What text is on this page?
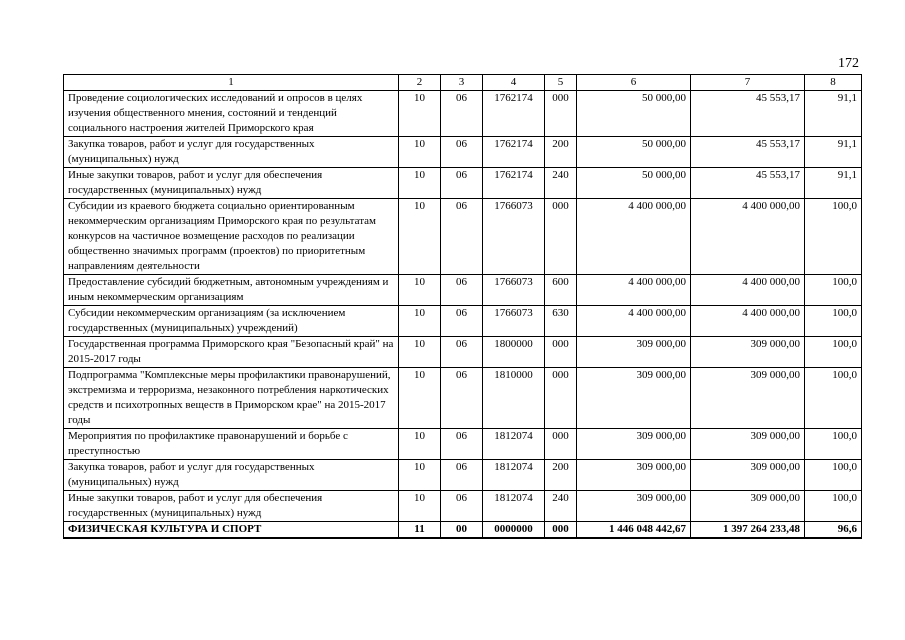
172
1	2	3	4	5	6	7	8
Проведение социологических исследований и опросов в целях изучения общественного мнения, состояний и тенденций социального настроения жителей Приморского края	10	06	1762174	000	50 000,00	45 553,17	91,1
Закупка товаров, работ и услуг для государственных (муниципальных) нужд	10	06	1762174	200	50 000,00	45 553,17	91,1
Иные закупки товаров, работ и услуг для обеспечения государственных (муниципальных) нужд	10	06	1762174	240	50 000,00	45 553,17	91,1
Субсидии из краевого бюджета социально ориентированным некоммерческим организациям Приморского края по результатам конкурсов на частичное возмещение расходов по реализации общественно значимых программ (проектов) по приоритетным направлениям деятельности	10	06	1766073	000	4 400 000,00	4 400 000,00	100,0
Предоставление субсидий бюджетным, автономным учреждениям и иным некоммерческим организациям	10	06	1766073	600	4 400 000,00	4 400 000,00	100,0
Субсидии некоммерческим организациям (за исключением государственных (муниципальных) учреждений)	10	06	1766073	630	4 400 000,00	4 400 000,00	100,0
Государственная программа Приморского края "Безопасный край" на 2015-2017 годы	10	06	1800000	000	309 000,00	309 000,00	100,0
Подпрограмма "Комплексные меры профилактики правонарушений, экстремизма и терроризма, незаконного потребления наркотических средств и психотропных веществ в Приморском крае" на 2015-2017 годы	10	06	1810000	000	309 000,00	309 000,00	100,0
Мероприятия по профилактике правонарушений и борьбе с преступностью	10	06	1812074	000	309 000,00	309 000,00	100,0
Закупка товаров, работ и услуг для государственных (муниципальных) нужд	10	06	1812074	200	309 000,00	309 000,00	100,0
Иные закупки товаров, работ и услуг для обеспечения государственных (муниципальных) нужд	10	06	1812074	240	309 000,00	309 000,00	100,0
ФИЗИЧЕСКАЯ КУЛЬТУРА И СПОРТ	11	00	0000000	000	1 446 048 442,67	1 397 264 233,48	96,6
